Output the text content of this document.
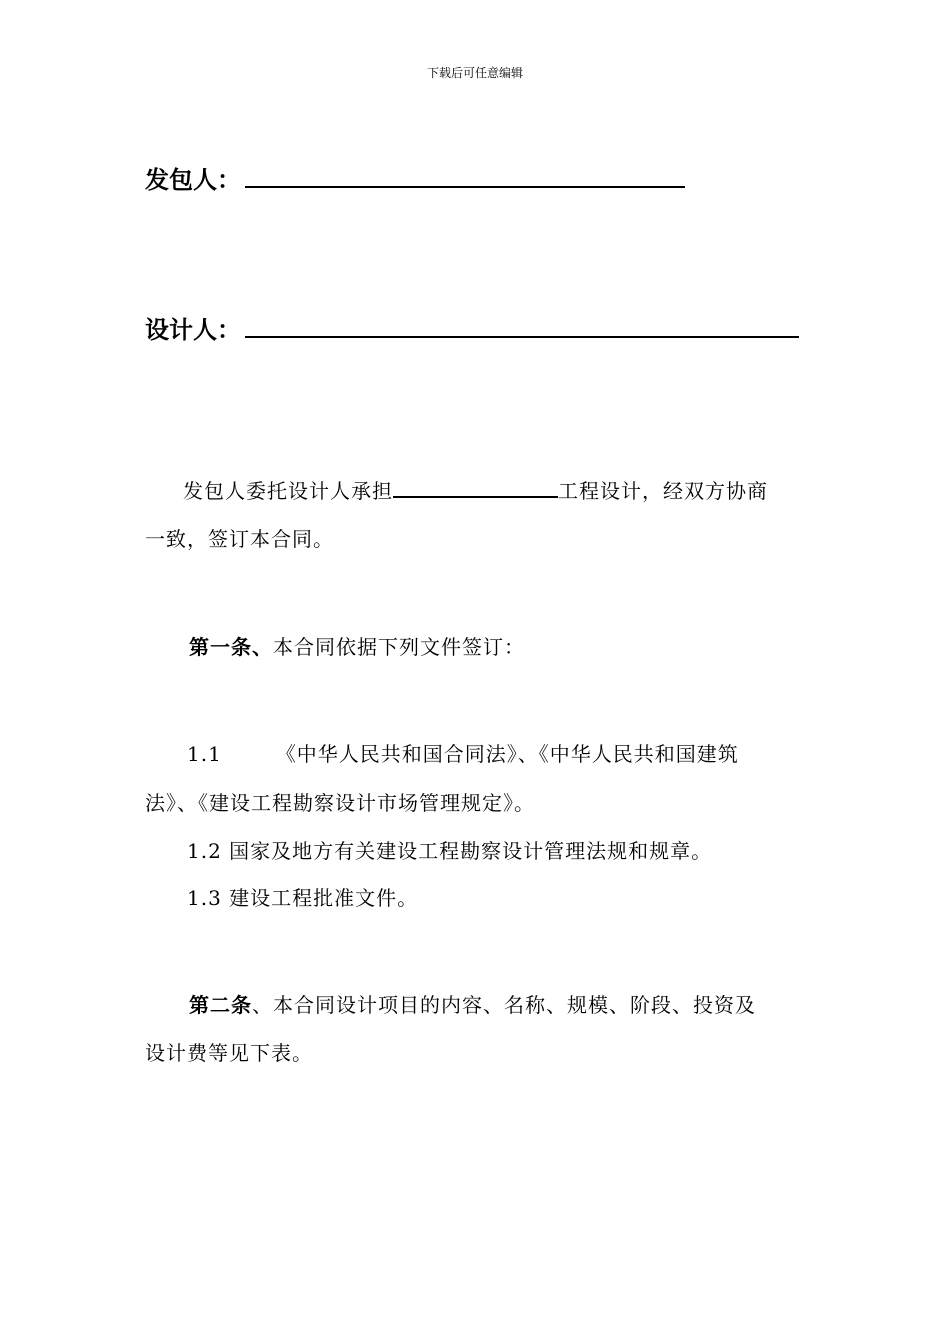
下载后可任意编辑
发包人：
设计人：
发包人委托设计人承担	工程设计，经双方协商
一致，签订本合同。
第一条、本合同依据下列文件签订：
1.1	《中华人民共和国合同法》、《中华人民共和国建筑
法》、《建设工程勘察设计市场管理规定》。
1.2 国家及地方有关建设工程勘察设计管理法规和规章。
1.3 建设工程批准文件。
第二条、本合同设计项目的内容、名称、规模、阶段、投资及
设计费等见下表。
